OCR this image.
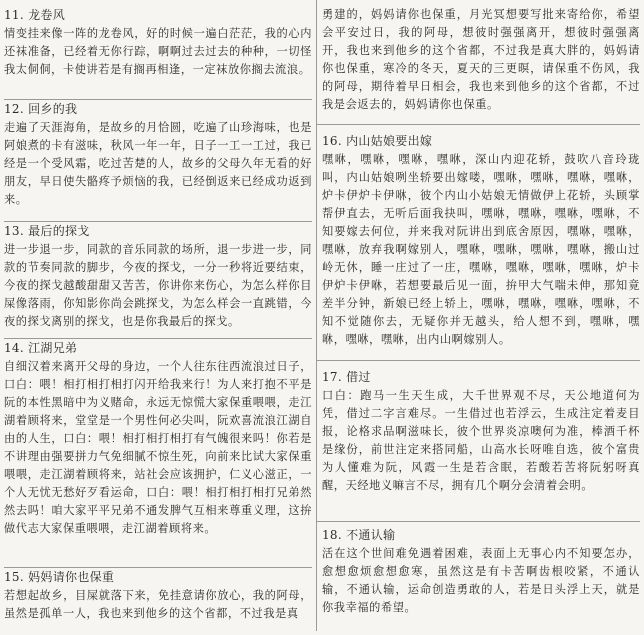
11. 龙卷风
情变挂来像一阵的龙卷风，好的时候一遍白茫茫，我的心内还袜准备，已经着无你行踪，啊啊过去过去的种种，一切怪我太侗侗，卡使讲若是有搁再相逢，一定袜放你搁去流浪。
12. 回乡的我
走遍了天涯海角，是故乡的月恰圆，吃遍了山珍海味，也是阿娘煮的卡有滋味，秋风一年一年，日子一工一工过，我已经是一个受风霜，吃过苦楚的人，故乡的父母久年无看的好朋友，早日使失骼疼予烦恼的我，已经倒返来已经成功返到来。
13. 最后的探戈
进一步退一步，同款的音乐同款的场所，退一步进一步，同款的节奏同款的脚步，今夜的探戈，一分一秒将近要结束，今夜的探戈越酸甜甜又苦苦，你讲你来伤心，为怎么样你目屎像落雨，你知影你尚会跳探戈，为怎么样会一直跳错，今夜的探戈离别的探戈，也是你我最后的探戈。
14. 江湖兄弟
自细汉着来离开父母的身边，一个人往东往西流浪过日子，口白：喂！相打相打相打闪开给我来行！为人来打抱不平是阮的本性黑暗中为义赌命，永远无惊慌大家保重喂喂，走江湖着顾将来，堂堂是一个男性何必尖叫，阮欢喜流浪江湖自由的人生，口白：喂！相打相打相打有气魄很来吗！你若是不讲理由强要拼力气免细膩不惊生死，向前来比试大家保重喂喂，走江湖着顾将来，站社会应该拥护，仁义心滋正，一个人无忧无愁好歹看运命，口白：喂！相打相打相打兄弟然然去吗！咱大家平平兄弟不通发脾气互相来尊重义理，这拚做代志大家保重喂喂，走江湖着顾将来。
15. 妈妈请你也保重
若想起故乡，目屎就落下来，免挂意请你放心，我的阿母，虽然是孤单一人，我也来到他乡的这个省都，不过我是真
勇建的，妈妈请你也保重，月光冥想要写批来寄给你，希望会平安过日，我的阿母，想彼时强强离开，想彼时强强离开，我也来到他乡的这个省都，不过我是真大胖的，妈妈请你也保重，寒冷的冬天，夏天的三更暝，请保重不伤风，我的阿母，期待着早日相会，我也来到他乡的这个省都，不过我是会返去的，妈妈请你也保重。
16. 内山姑娘要出嫁
嘿咻，嘿咻，嘿咻，嘿咻，深山内迎花轿，鼓吹八音玲珑叫，内山姑娘咧坐轿要出嫁喽，嘿咻，嘿咻，嘿咻，嘿咻，炉卡伊炉卡伊咻，彼个内山小姑娘无情做伊上花轿，头顾掌帮伊直去，无听后面我抉叫，嘿咻，嘿咻，嘿咻，嘿咻，不知要嫁去何位，并来我对阮讲出到底舍原因，嘿咻，嘿咻，嘿咻，放弃我啊嫁别人，嘿咻，嘿咻，嘿咻，嘿咻，搬山过岭无休，睡一庄过了一庄，嘿咻，嘿咻，嘿咻，嘿咻，炉卡伊炉卡伊咻，若想要最后见一面，拚甲大气喘未伸，那知竟差半分钟，新娘已经上轿上，嘿咻，嘿咻，嘿咻，嘿咻，不知不觉随你去，无疑你并无越头，给人想不到，嘿咻，嘿咻，嘿咻，嘿咻，出内山啊嫁别人。
17. 借过
口白：跑马一生天生成，大千世界观不尽，天公地道何为凭，借过二字言难尽。一生借过也若浮云，生成注定着麦目报，论格求品啊滋味长，彼个世界炎凉噢何为准，棒酒千杯是缘份，前世注定来搭同船，山高水长呀唯自选，彼个富贵为人懂难为阮，风霞一生是若含眠，若酸若苦将阮躬呀真醒，天经地义嘛言不尽，拥有几个啊分会清着会明。
18. 不通认输
活在这个世间难免遇着困难，表面上无事心内不知要怎办，愈想愈烦愈想愈寒，虽然这是有卡苦啊齿根咬紧，不通认输，不通认输，运命创造勇敢的人，若是日头浮上天，就是你我幸福的希望。
